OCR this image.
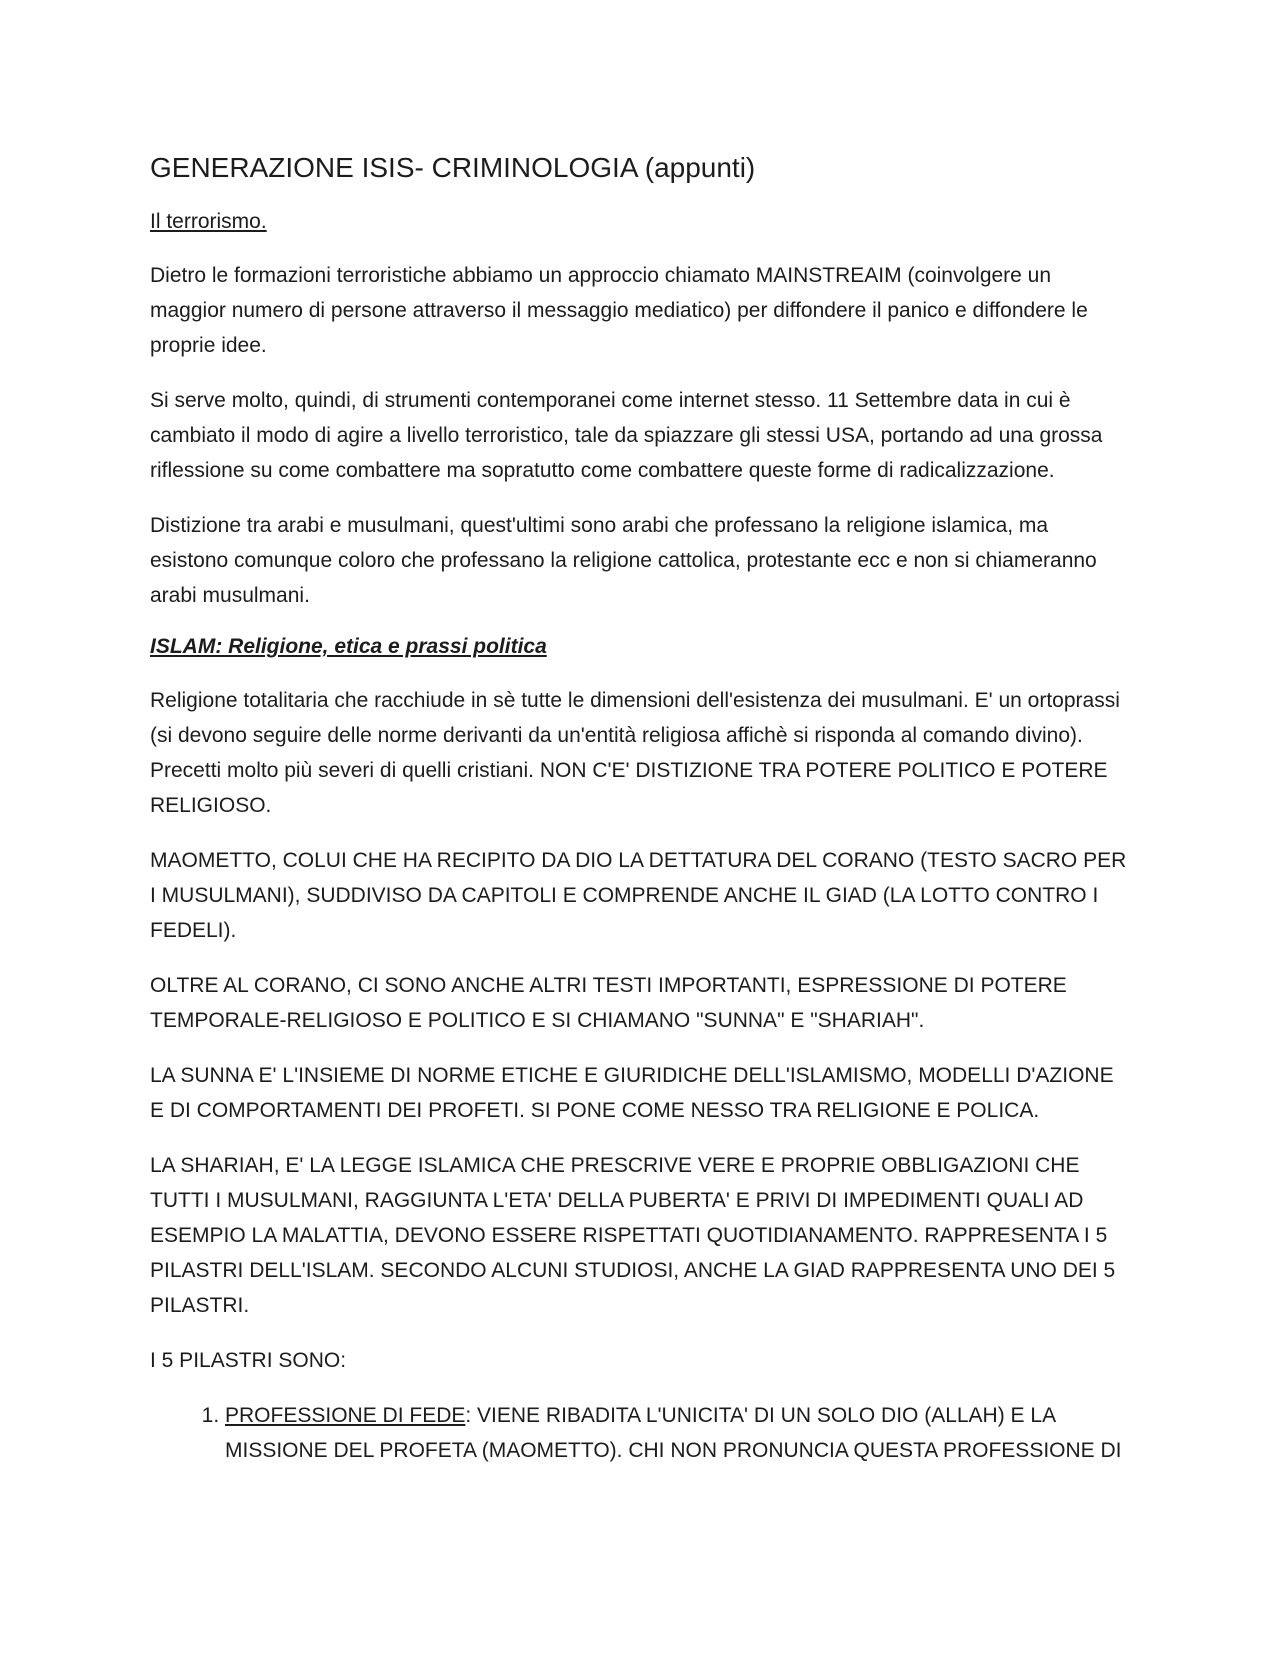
GENERAZIONE ISIS- CRIMINOLOGIA (appunti)
Il terrorismo.

Dietro le formazioni terroristiche abbiamo un approccio chiamato MAINSTREAIM (coinvolgere un maggior numero di persone attraverso il messaggio mediatico) per diffondere il panico e diffondere le proprie idee.

Si serve molto, quindi, di strumenti contemporanei come internet stesso. 11 Settembre data in cui è cambiato il modo di agire a livello terroristico, tale da spiazzare gli stessi USA, portando ad una grossa riflessione su come combattere ma sopratutto come combattere queste forme di radicalizzazione.

Distizione tra arabi e musulmani, quest'ultimi sono arabi che professano la religione islamica, ma esistono comunque coloro che professano la religione cattolica, protestante ecc e non si chiameranno arabi musulmani.

ISLAM: Religione, etica e prassi politica

Religione totalitaria che racchiude in sè tutte le dimensioni dell'esistenza dei musulmani. E' un ortoprassi (si devono seguire delle norme derivanti da un'entità religiosa affichè si risponda al comando divino). Precetti molto più severi di quelli cristiani. NON C'E' DISTIZIONE TRA POTERE POLITICO E POTERE RELIGIOSO.

MAOMETTO, COLUI CHE HA RECIPITO DA DIO LA DETTATURA DEL CORANO (TESTO SACRO PER I MUSULMANI), SUDDIVISO DA CAPITOLI E COMPRENDE ANCHE IL GIAD (LA LOTTO CONTRO I FEDELI).

OLTRE AL CORANO, CI SONO ANCHE ALTRI TESTI IMPORTANTI, ESPRESSIONE DI POTERE TEMPORALE-RELIGIOSO E POLITICO E SI CHIAMANO "SUNNA" E "SHARIAH".

LA SUNNA E' L'INSIEME DI NORME ETICHE E GIURIDICHE DELL'ISLAMISMO, MODELLI D'AZIONE E DI COMPORTAMENTI DEI PROFETI. SI PONE COME NESSO TRA RELIGIONE E POLICA.

LA SHARIAH, E' LA LEGGE ISLAMICA CHE PRESCRIVE VERE E PROPRIE OBBLIGAZIONI CHE TUTTI I MUSULMANI, RAGGIUNTA L'ETA' DELLA PUBERTA' E PRIVI DI IMPEDIMENTI QUALI AD ESEMPIO LA MALATTIA, DEVONO ESSERE RISPETTATI QUOTIDIANAMENTO. RAPPRESENTA I 5 PILASTRI DELL'ISLAM. SECONDO ALCUNI STUDIOSI, ANCHE LA GIAD RAPPRESENTA UNO DEI 5 PILASTRI.

I 5 PILASTRI SONO:

1. PROFESSIONE DI FEDE: VIENE RIBADITA L'UNICITA' DI UN SOLO DIO (ALLAH) E LA MISSIONE DEL PROFETA (MAOMETTO). CHI NON PRONUNCIA QUESTA PROFESSIONE DI
